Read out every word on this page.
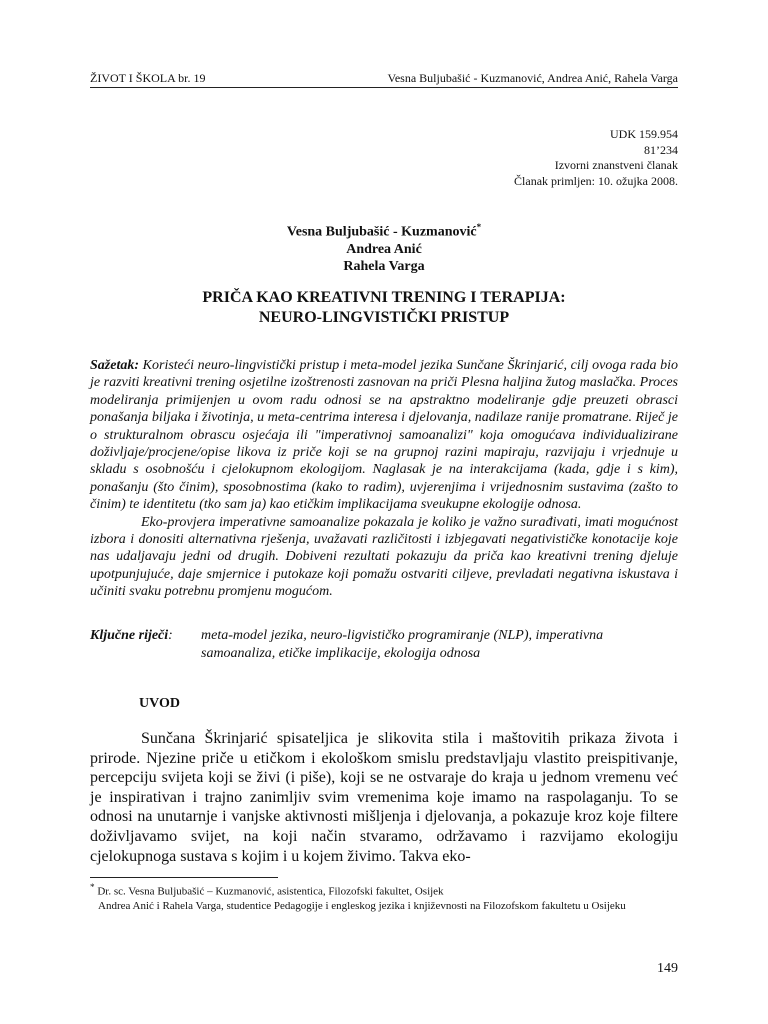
ŽIVOT I ŠKOLA br. 19	Vesna Buljubašić - Kuzmanović, Andrea Anić, Rahela Varga
UDK 159.954
81’234
Izvorni znanstveni članak
Članak primljen: 10. ožujka 2008.
Vesna Buljubašić - Kuzmanović*
Andrea Anić
Rahela Varga
PRIČA KAO KREATIVNI TRENING I TERAPIJA:
NEURO-LINGVISTIČKI PRISTUP

Sažetak: Koristeći neuro-lingvistički pristup i meta-model jezika Sunčane Škrinjarić, cilj ovoga rada bio je razviti kreativni trening osjetilne izoštrenosti zasnovan na priči Plesna haljina žutog maslačka. Proces modeliranja primijenjen u ovom radu odnosi se na apstraktno modeliranje gdje preuzeti obrasci ponašanja biljaka i životinja, u meta-centrima interesa i djelovanja, nadilaze ranije promatrane. Riječ je o strukturalnom obrascu osjećaja ili "imperativnoj samoanalizi" koja omogućava individualizirane doživljaje/procjene/opise likova iz priče koji se na grupnoj razini mapiraju, razvijaju i vrjednuje u skladu s osobnošću i cjelokupnom ekologijom. Naglasak je na interakcijama (kada, gdje i s kim), ponašanju (što činim), sposobnostima (kako to radim), uvjerenjima i vrijednosnim sustavima (zašto to činim) te identitetu (tko sam ja) kao etičkim implikacijama sveukupne ekologije odnosa.

Eko-provjera imperativne samoanalize pokazala je koliko je važno surađivati, imati mogućnost izbora i donositi alternativna rješenja, uvažavati različitosti i izbjegavati negativističke konotacije koje nas udaljavaju jedni od drugih. Dobiveni rezultati pokazuju da priča kao kreativni trening djeluje upotpunjujuće, daje smjernice i putokaze koji pomažu ostvariti ciljeve, prevladati negativna iskustava i učiniti svaku potrebnu promjenu mogućom.

Ključne riječi: meta-model jezika, neuro-ligvističko programiranje (NLP), imperativna samoanaliza, etičke implikacije, ekologija odnosa
UVOD

Sunčana Škrinjarić spisateljica je slikovita stila i maštovitih prikaza života i prirode. Njezine priče u etičkom i ekološkom smislu predstavljaju vlastito preispitivanje, percepciju svijeta koji se živi (i piše), koji se ne ostvaraje do kraja u jednom vremenu već je inspirativan i trajno zanimljiv svim vremenima koje imamo na raspolaganju. To se odnosi na unutarnje i vanjske aktivnosti mišljenja i djelovanja, a pokazuje kroz koje filtere doživljavamo svijet, na koji način stvaramo, održavamo i razvijamo ekologiju cjelokupnoga sustava s kojim i u kojem živimo. Takva eko-

* Dr. sc. Vesna Buljubašić – Kuzmanović, asistentica, Filozofski fakultet, Osijek

Andrea Anić i Rahela Varga, studentice Pedagogije i engleskog jezika i književnosti na Filozofskom fakultetu u Osijeku

149
